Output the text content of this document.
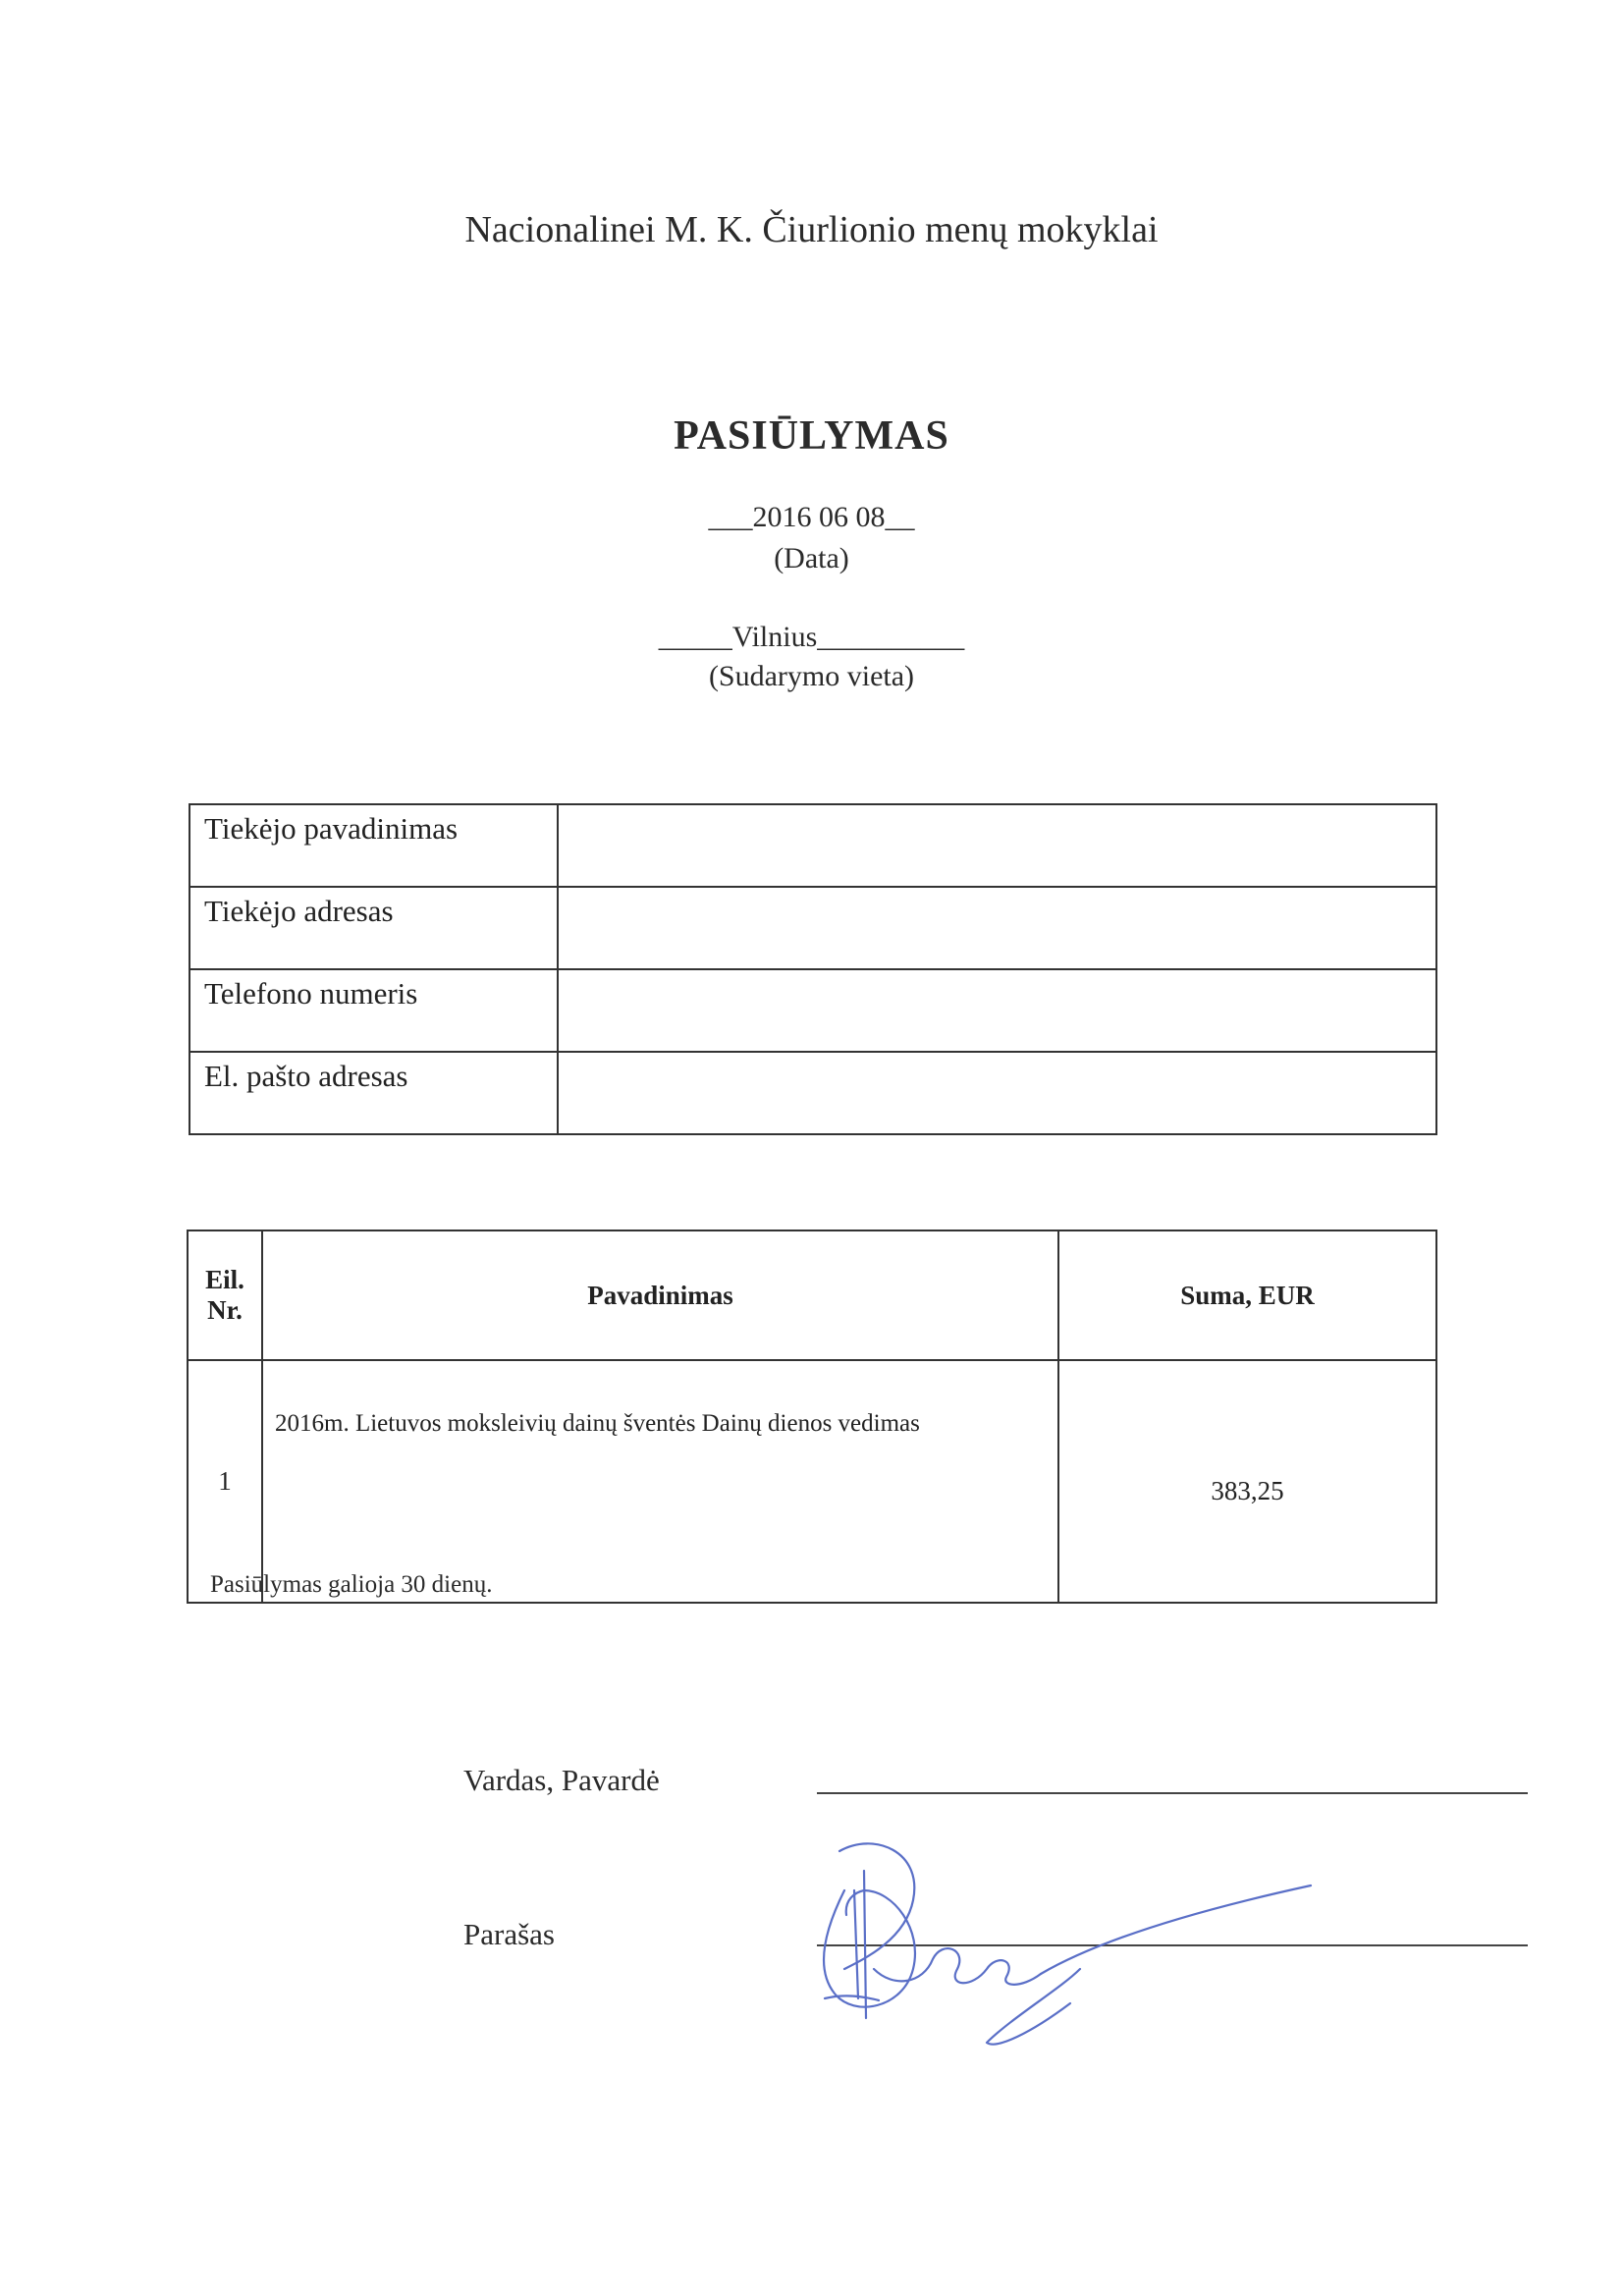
Nacionalinei M. K. Čiurlionio menų mokyklai
PASIŪLYMAS
___2016 06 08__
(Data)
_____Vilnius__________
(Sudarymo vieta)
Tiekėjo pavadinimas	
Tiekėjo adresas	
Telefono numeris	
El. pašto adresas	
Eil. Nr.	Pavadinimas	Suma, EUR
1	2016m. Lietuvos moksleivių dainų šventės Dainų dienos vedimas	383,25
Pasiūlymas galioja 30 dienų.
Vardas, Pavardė
Parašas
